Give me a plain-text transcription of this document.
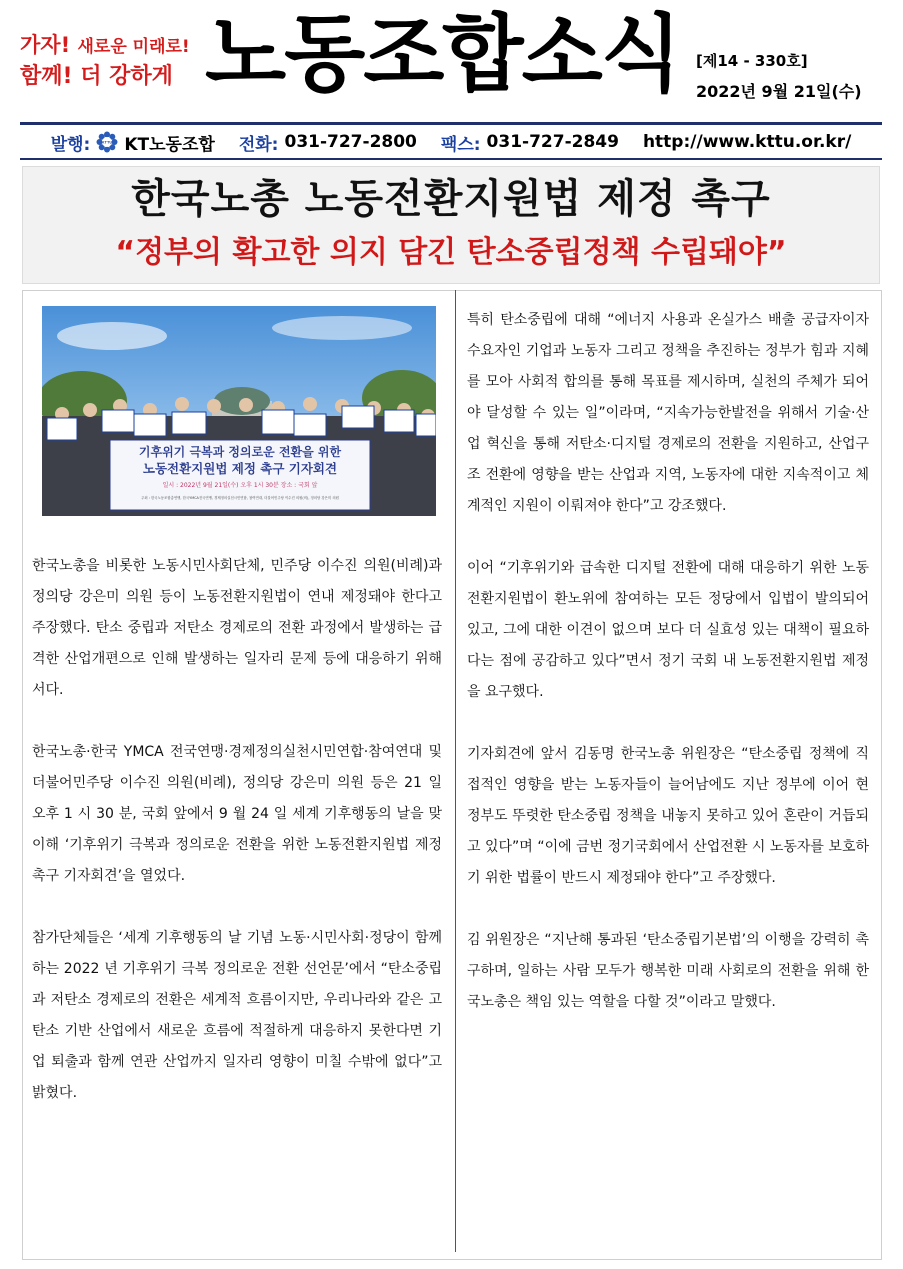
가자! 새로운 미래로!
함께! 더 강하게 노동조합소식	[제14 - 330호]
2022년 9월 21일(수)
발행:	KTTU KT노동조합 전화: 031-727-2800 팩스: 031-727-2849 http://www.kttu.or.kr/
한국노총 노동전환지원법 제정 촉구
“정부의 확고한 의지 담긴 탄소중립정책 수립돼야”
기후위기 극복과 정의로운 전환을 위한
노동전환지원법 제정 촉구 기자회견
일시 : 2022년 9월 21일(수) 오후 1시 30분 장소 : 국회 앞
주최 : 한국노동조합총연맹, 한국YMCA전국연맹, 경제정의실천시민연합, 참여연대, 더불어민주당 이수진 의원(비), 정의당 강은미 의원

한국노총을 비롯한 노동시민사회단체, 민주당 이수진 의원(비례)과 정의당 강은미 의원 등이 노동전환지원법이 연내 제정돼야 한다고 주장했다. 탄소 중립과 저탄소 경제로의 전환 과정에서 발생하는 급격한 산업개편으로 인해 발생하는 일자리 문제 등에 대응하기 위해서다.

한국노총·한국 YMCA 전국연맹·경제정의실천시민연합·참여연대 및 더불어민주당 이수진 의원(비례), 정의당 강은미 의원 등은 21 일 오후 1 시 30 분, 국회 앞에서 9 월 24 일 세계 기후행동의 날을 맞이해 ‘기후위기 극복과 정의로운 전환을 위한 노동전환지원법 제정 촉구 기자회견’을 열었다.

참가단체들은 ‘세계 기후행동의 날 기념 노동·시민사회·정당이 함께 하는 2022 년 기후위기 극복 정의로운 전환 선언문’에서 “탄소중립과 저탄소 경제로의 전환은 세계적 흐름이지만, 우리나라와 같은 고탄소 기반 산업에서 새로운 흐름에 적절하게 대응하지 못한다면 기업 퇴출과 함께 연관 산업까지 일자리 영향이 미칠 수밖에 없다”고 밝혔다.

특히 탄소중립에 대해 “에너지 사용과 온실가스 배출 공급자이자 수요자인 기업과 노동자 그리고 정책을 추진하는 정부가 힘과 지혜를 모아 사회적 합의를 통해 목표를 제시하며, 실천의 주체가 되어야 달성할 수 있는 일”이라며, “지속가능한발전을 위해서 기술·산업 혁신을 통해 저탄소·디지털 경제로의 전환을 지원하고, 산업구조 전환에 영향을 받는 산업과 지역, 노동자에 대한 지속적이고 체계적인 지원이 이뤄져야 한다”고 강조했다.

이어 “기후위기와 급속한 디지털 전환에 대해 대응하기 위한 노동전환지원법이 환노위에 참여하는 모든 정당에서 입법이 발의되어있고, 그에 대한 이견이 없으며 보다 더 실효성 있는 대책이 필요하다는 점에 공감하고 있다”면서 정기 국회 내 노동전환지원법 제정을 요구했다.

기자회견에 앞서 김동명 한국노총 위원장은 “탄소중립 정책에 직접적인 영향을 받는 노동자들이 늘어남에도 지난 정부에 이어 현 정부도 뚜렷한 탄소중립 정책을 내놓지 못하고 있어 혼란이 거듭되고 있다”며 “이에 금번 정기국회에서 산업전환 시 노동자를 보호하기 위한 법률이 반드시 제정돼야 한다”고 주장했다.

김 위원장은 “지난해 통과된 ‘탄소중립기본법’의 이행을 강력히 촉구하며, 일하는 사람 모두가 행복한 미래 사회로의 전환을 위해 한국노총은 책임 있는 역할을 다할 것”이라고 말했다.
